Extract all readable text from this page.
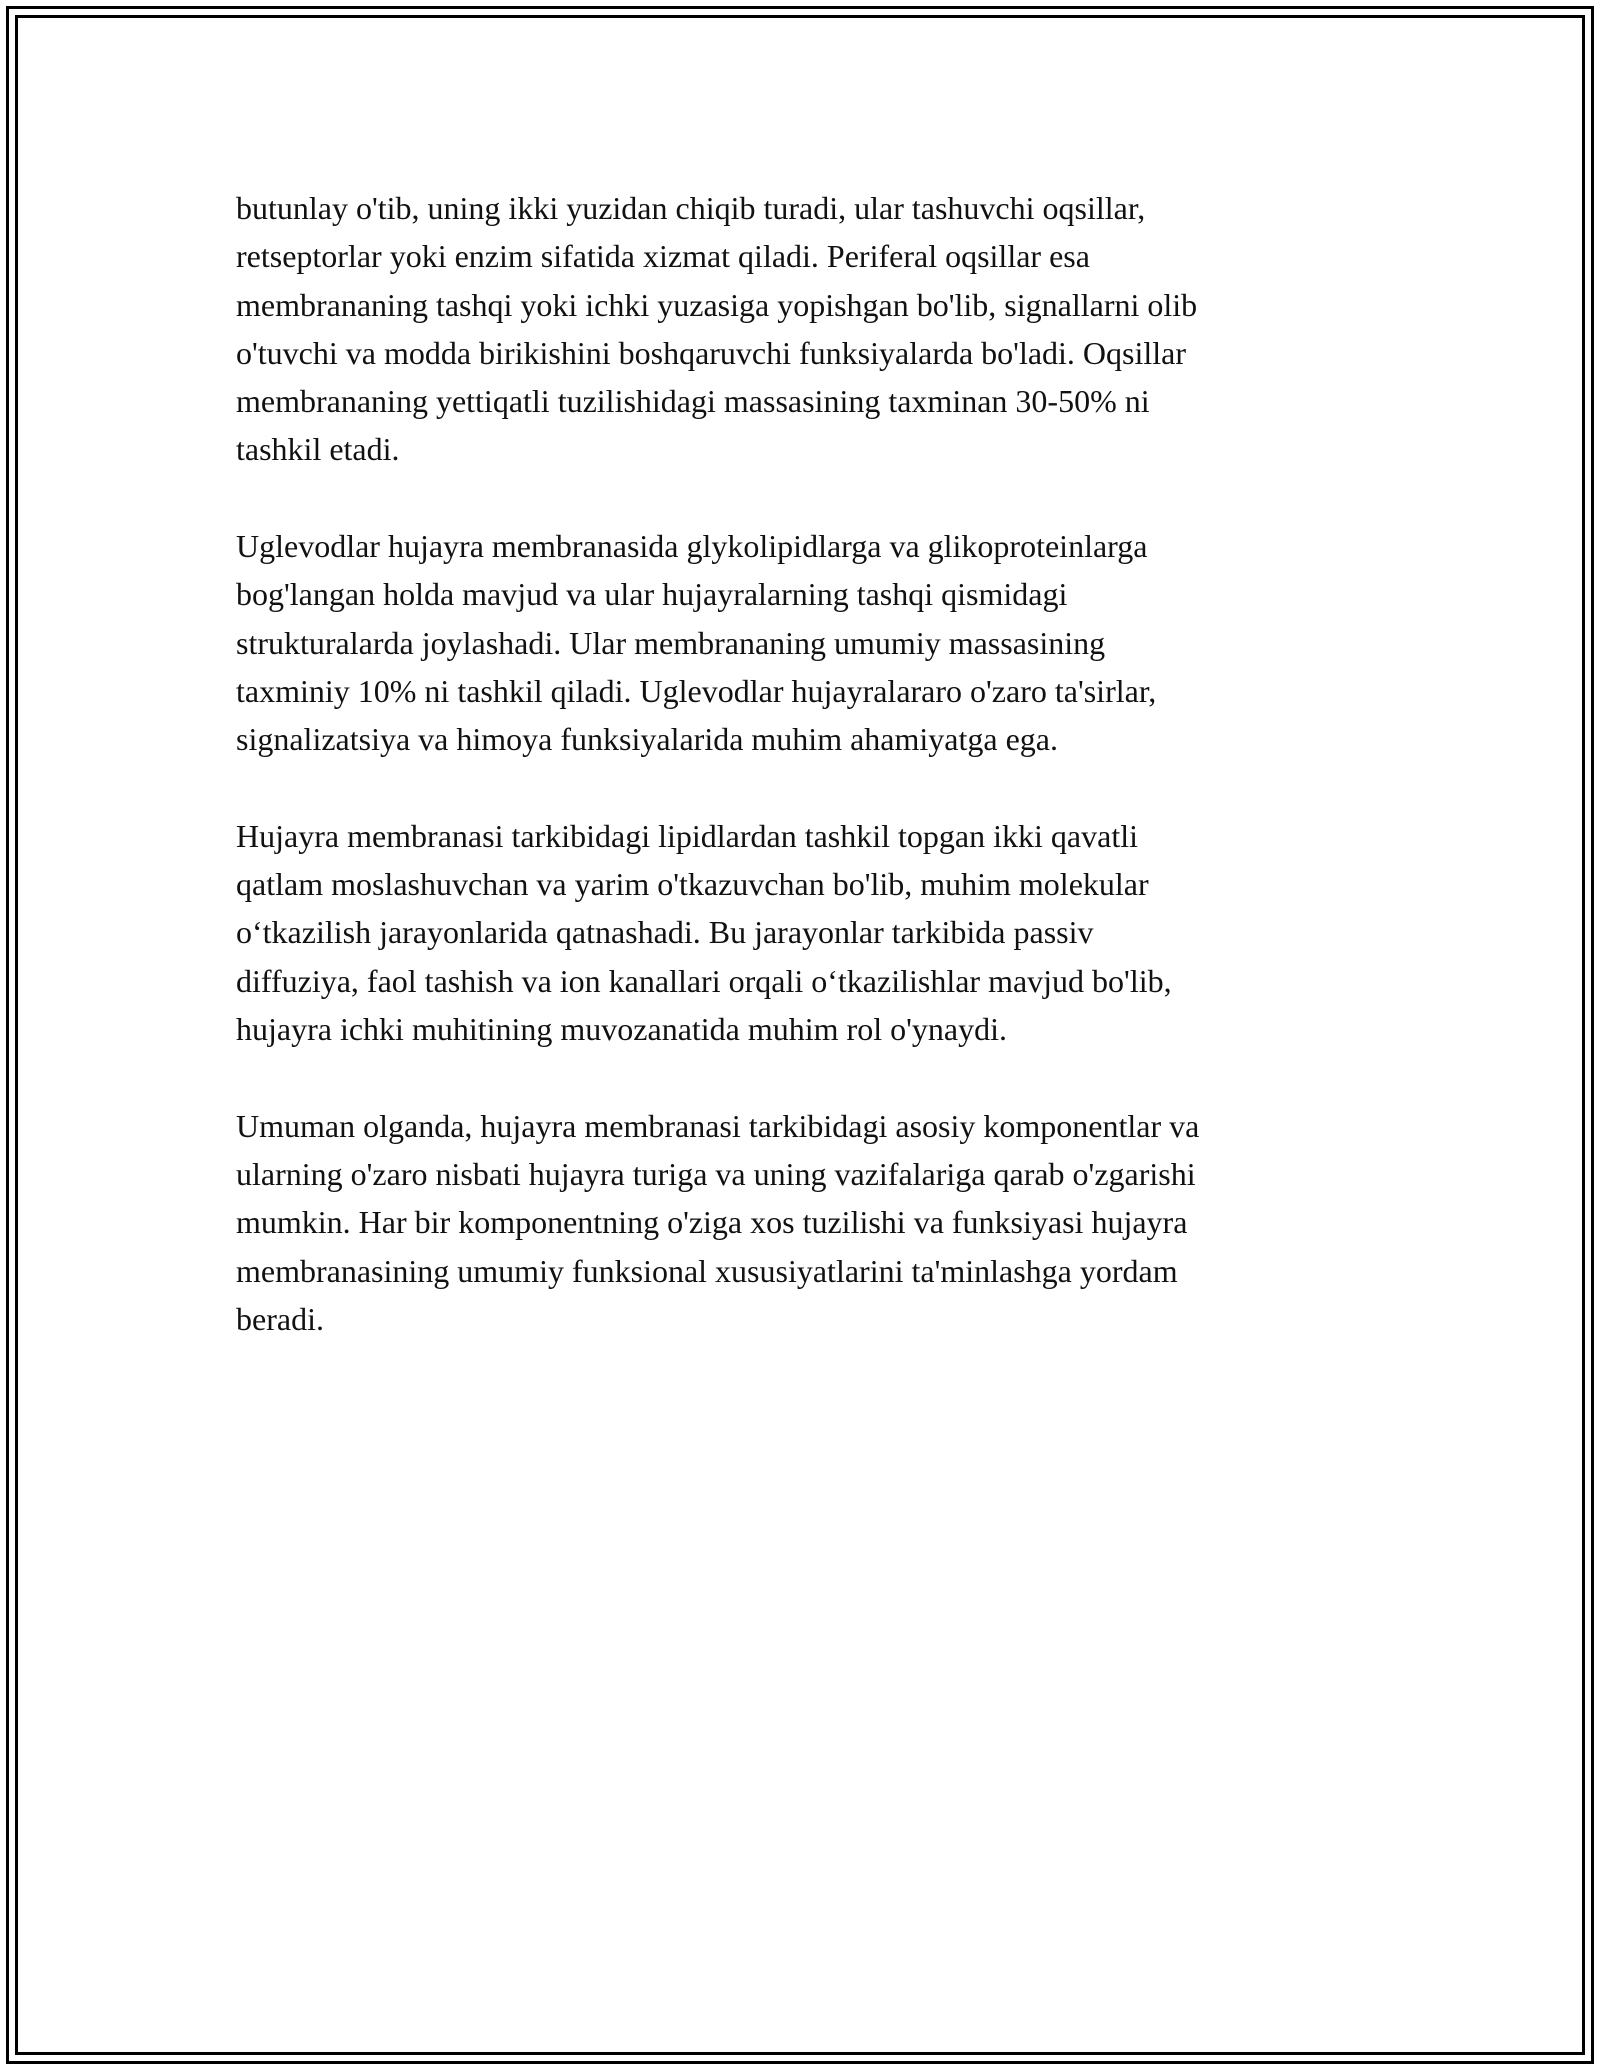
butunlay o'tib, uning ikki yuzidan chiqib turadi, ular tashuvchi oqsillar,
retseptorlar yoki enzim sifatida xizmat qiladi. Periferal oqsillar esa
membrananing tashqi yoki ichki yuzasiga yopishgan bo'lib, signallarni olib
o'tuvchi va modda birikishini boshqaruvchi funksiyalarda bo'ladi. Oqsillar
membrananing yettiqatli tuzilishidagi massasining taxminan 30-50% ni
tashkil etadi.

Uglevodlar hujayra membranasida glykolipidlarga va glikoproteinlarga
bog'langan holda mavjud va ular hujayralarning tashqi qismidagi
strukturalarda joylashadi. Ular membrananing umumiy massasining
taxminiy 10% ni tashkil qiladi. Uglevodlar hujayralararo o'zaro ta'sirlar,
signalizatsiya va himoya funksiyalarida muhim ahamiyatga ega.

Hujayra membranasi tarkibidagi lipidlardan tashkil topgan ikki qavatli
qatlam moslashuvchan va yarim o'tkazuvchan bo'lib, muhim molekular
o‘tkazilish jarayonlarida qatnashadi. Bu jarayonlar tarkibida passiv
diffuziya, faol tashish va ion kanallari orqali o‘tkazilishlar mavjud bo'lib,
hujayra ichki muhitining muvozanatida muhim rol o'ynaydi.

Umuman olganda, hujayra membranasi tarkibidagi asosiy komponentlar va
ularning o'zaro nisbati hujayra turiga va uning vazifalariga qarab o'zgarishi
mumkin. Har bir komponentning o'ziga xos tuzilishi va funksiyasi hujayra
membranasining umumiy funksional xususiyatlarini ta'minlashga yordam
beradi.
